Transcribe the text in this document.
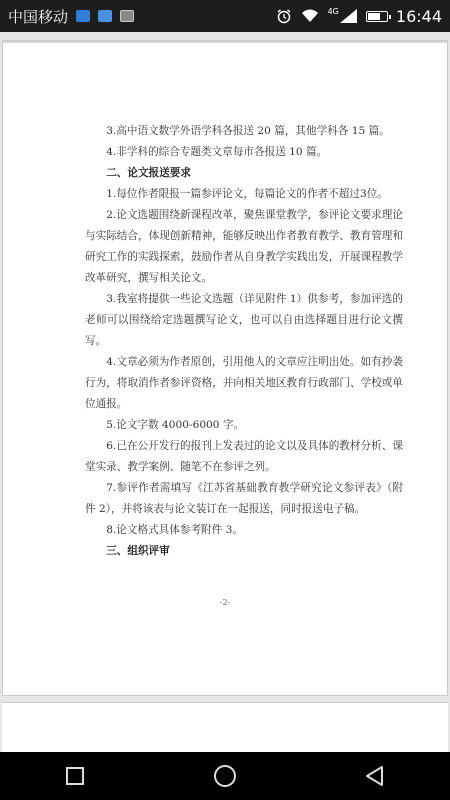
中国移动	4G	16:44
3.高中语文数学外语学科各报送 20 篇，其他学科各 15 篇。
4.非学科的综合专题类文章每市各报送 10 篇。
二、论文报送要求
1.每位作者限报一篇参评论文，每篇论文的作者不超过3位。
2.论文选题围绕新课程改革，聚焦课堂教学，参评论文要求理论与实际结合，体现创新精神，能够反映出作者教育教学、教育管理和研究工作的实践探索，鼓励作者从自身教学实践出发，开展课程教学改革研究，撰写相关论文。
3.我室将提供一些论文选题（详见附件 1）供参考，参加评选的老师可以围绕给定选题撰写论文，也可以自由选择题目进行论文撰写。
4.文章必须为作者原创，引用他人的文章应注明出处。如有抄袭行为，将取消作者参评资格，并向相关地区教育行政部门、学校或单位通报。
5.论文字数 4000-6000 字。
6.已在公开发行的报刊上发表过的论文以及具体的教材分析、课堂实录、教学案例、随笔不在参评之列。
7.参评作者需填写《江苏省基础教育教学研究论文参评表》（附件 2），并将该表与论文装订在一起报送，同时报送电子稿。
8.论文格式具体参考附件 3。
三、组织评审
-2-
